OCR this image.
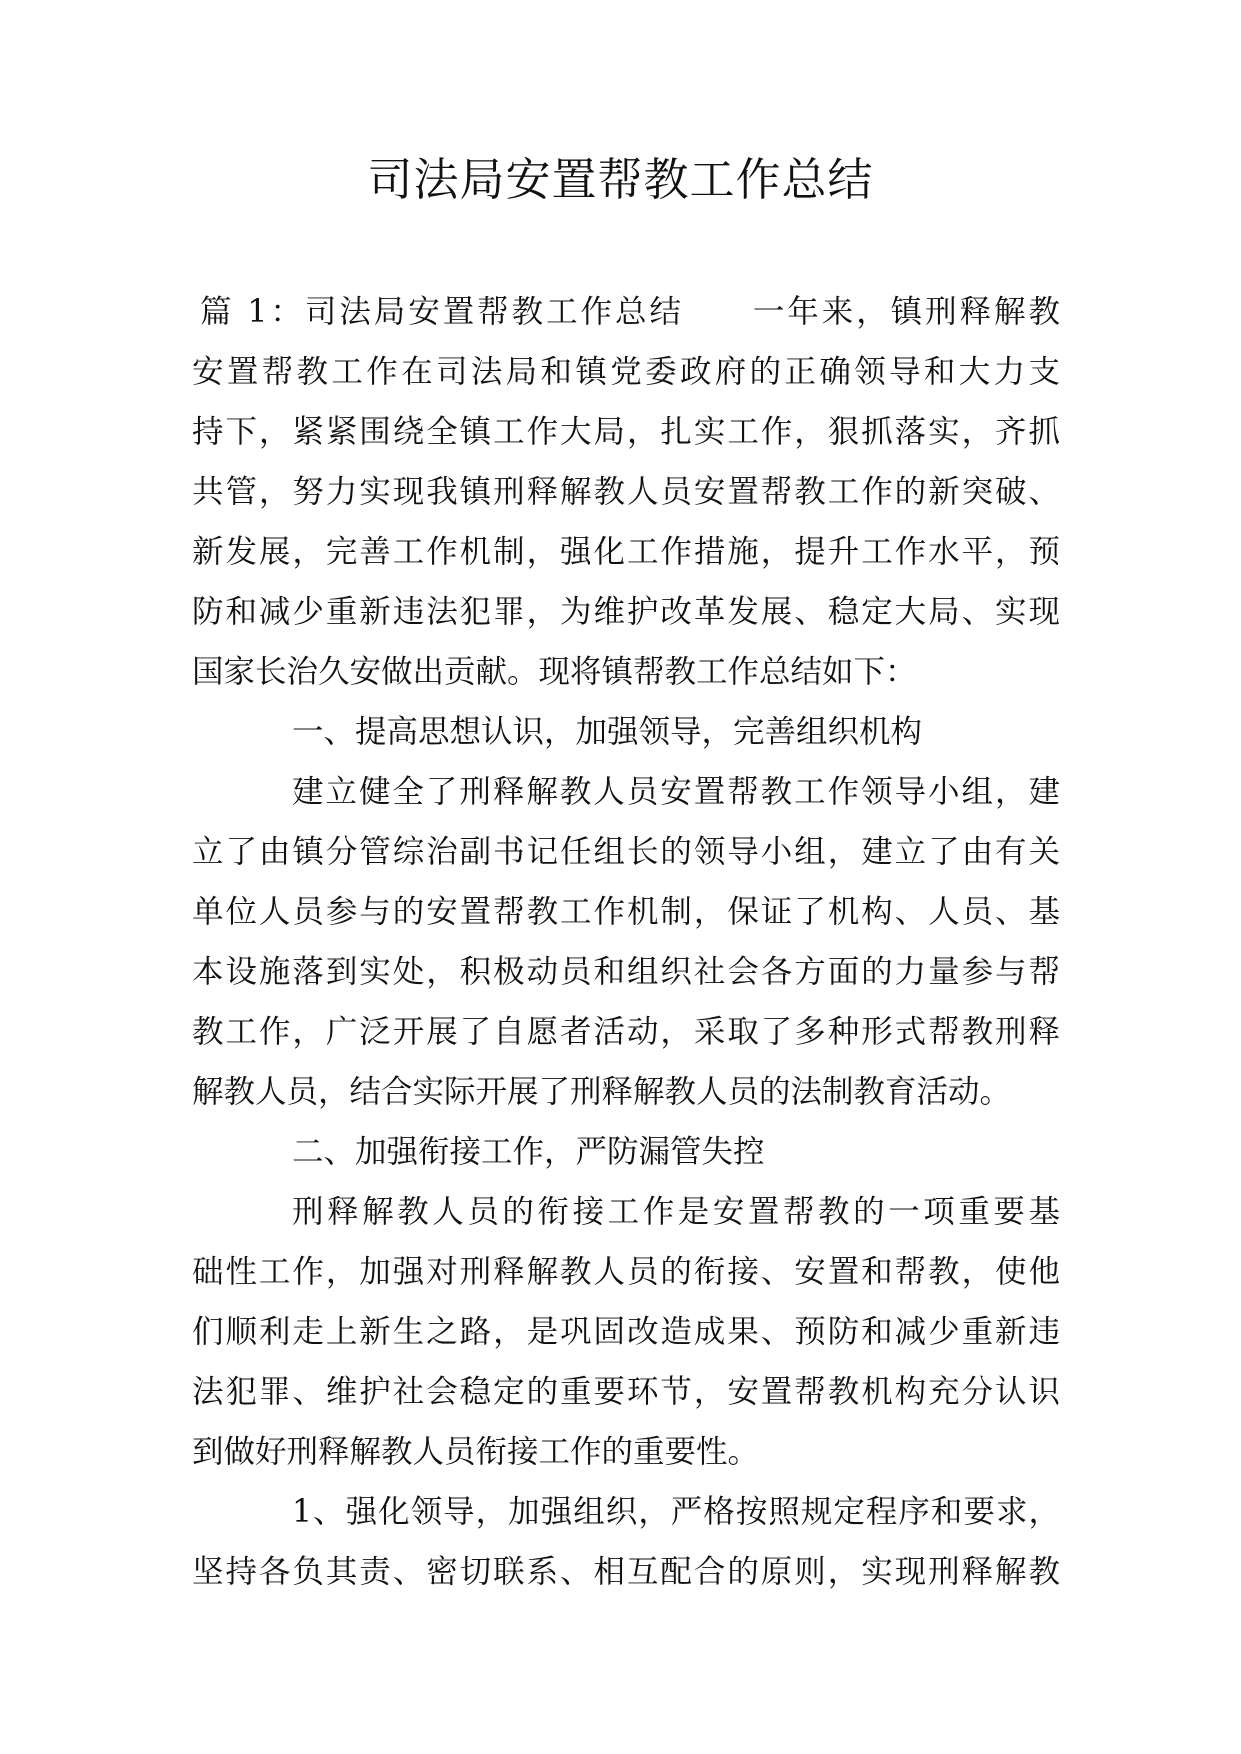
司法局安置帮教工作总结
篇 1：司法局安置帮教工作总结　　一年来，镇刑释解教
安置帮教工作在司法局和镇党委政府的正确领导和大力支
持下，紧紧围绕全镇工作大局，扎实工作，狠抓落实，齐抓
共管，努力实现我镇刑释解教人员安置帮教工作的新突破、
新发展，完善工作机制，强化工作措施，提升工作水平，预
防和减少重新违法犯罪，为维护改革发展、稳定大局、实现
国家长治久安做出贡献。现将镇帮教工作总结如下：
一、提高思想认识，加强领导，完善组织机构
建立健全了刑释解教人员安置帮教工作领导小组，建
立了由镇分管综治副书记任组长的领导小组，建立了由有关
单位人员参与的安置帮教工作机制，保证了机构、人员、基
本设施落到实处，积极动员和组织社会各方面的力量参与帮
教工作，广泛开展了自愿者活动，采取了多种形式帮教刑释
解教人员，结合实际开展了刑释解教人员的法制教育活动。
二、加强衔接工作，严防漏管失控
刑释解教人员的衔接工作是安置帮教的一项重要基
础性工作，加强对刑释解教人员的衔接、安置和帮教，使他
们顺利走上新生之路，是巩固改造成果、预防和减少重新违
法犯罪、维护社会稳定的重要环节，安置帮教机构充分认识
到做好刑释解教人员衔接工作的重要性。
1、强化领导，加强组织，严格按照规定程序和要求，
坚持各负其责、密切联系、相互配合的原则，实现刑释解教
